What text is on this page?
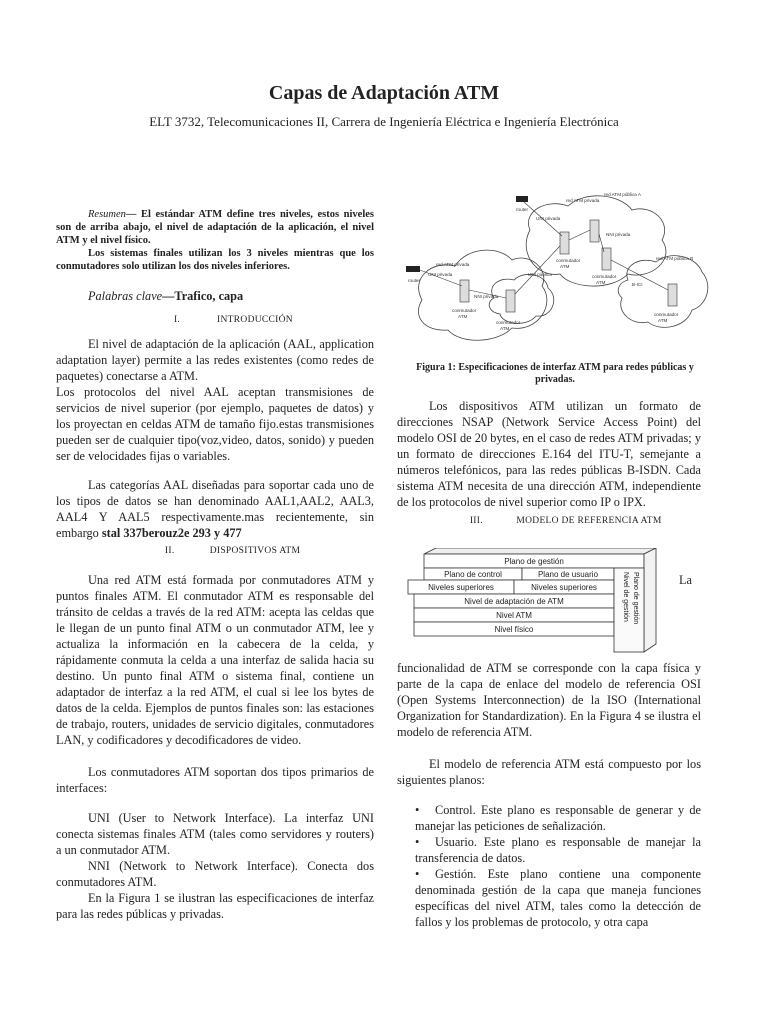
Capas de Adaptación ATM
ELT 3732, Telecomunicaciones II, Carrera de Ingeniería Eléctrica e Ingeniería Electrónica

Resumen— El estándar ATM define tres niveles, estos niveles son de arriba abajo, el nivel de adaptación de la aplicación, el nivel ATM y el nivel físico.

Los sistemas finales utilizan los 3 niveles mientras que los conmutadores solo utilizan los dos niveles inferiores.

Palabras clave—Trafico, capa

I.	INTRODUCCIÓN

El nivel de adaptación de la aplicación (AAL, application adaptation layer) permite a las redes existentes (como redes de paquetes) conectarse a ATM.

Los protocolos del nivel AAL aceptan transmisiones de servicios de nivel superior (por ejemplo, paquetes de datos) y los proyectan en celdas ATM de tamaño fijo.estas transmisiones pueden ser de cualquier tipo(voz,video, datos, sonido) y pueden ser de velocidades fijas o variables.

Las categorías AAL diseñadas para soportar cada uno de los tipos de datos se han denominado AAL1,AAL2, AAL3, AAL4 Y AAL5 respectivamente.mas recientemente, sin embargo stal 337berouz2e 293 y 477

II.	DISPOSITIVOS ATM

Una red ATM está formada por conmutadores ATM y puntos finales ATM. El conmutador ATM es responsable del tránsito de celdas a través de la red ATM: acepta las celdas que le llegan de un punto final ATM o un conmutador ATM, lee y actualiza la información en la cabecera de la celda, y rápidamente conmuta la celda a una interfaz de salida hacia su destino. Un punto final ATM o sistema final, contiene un adaptador de interfaz a la red ATM, el cual si lee los bytes de datos de la celda. Ejemplos de puntos finales son: las estaciones de trabajo, routers, unidades de servicio digitales, conmutadores LAN, y codificadores y decodificadores de video.

Los conmutadores ATM soportan dos tipos primarios de interfaces:

UNI (User to Network Interface). La interfaz UNI conecta sistemas finales ATM (tales como servidores y routers) a un conmutador ATM.

NNI (Network to Network Interface). Conecta dos conmutadores ATM.

En la Figura 1 se ilustran las especificaciones de interfaz para las redes públicas y privadas.

router
router
UNI privada
UNI privada
NNI privada
NNI privada
UNI pública
B-ICI
red ATM privada
red ATM privada
red ATM pública A
red ATM pública B
conmutador
ATM
conmutador
ATM
conmutador
ATM
conmutador
ATM
conmutador
ATM
Figura 1: Especificaciones de interfaz ATM para redes públicas y privadas.

Los dispositivos ATM utilizan un formato de direcciones NSAP (Network Service Access Point) del modelo OSI de 20 bytes, en el caso de redes ATM privadas; y un formato de direcciones E.164 del ITU-T, semejante a números telefónicos, para las redes públicas B-ISDN. Cada sistema ATM necesita de una dirección ATM, independiente de los protocolos de nivel superior como IP o IPX.

III.	MODELO DE REFERENCIA ATM
Plano de gestión
Plano de control	Plano de usuario
Niveles superiores	Niveles superiores
Nivel de adaptación de ATM
Nivel ATM
Nivel físico
Nivel de gestión Plano de gestión	La

funcionalidad de ATM se corresponde con la capa física y parte de la capa de enlace del modelo de referencia OSI (Open Systems Interconnection) de la ISO (International Organization for Standardization). En la Figura 4 se ilustra el modelo de referencia ATM.

El modelo de referencia ATM está compuesto por los siguientes planos:

• Control. Este plano es responsable de generar y de manejar las peticiones de señalización.

• Usuario. Este plano es responsable de manejar la transferencia de datos.

• Gestión. Este plano contiene una componente denominada gestión de la capa que maneja funciones específicas del nivel ATM, tales como la detección de fallos y los problemas de protocolo, y otra capa
